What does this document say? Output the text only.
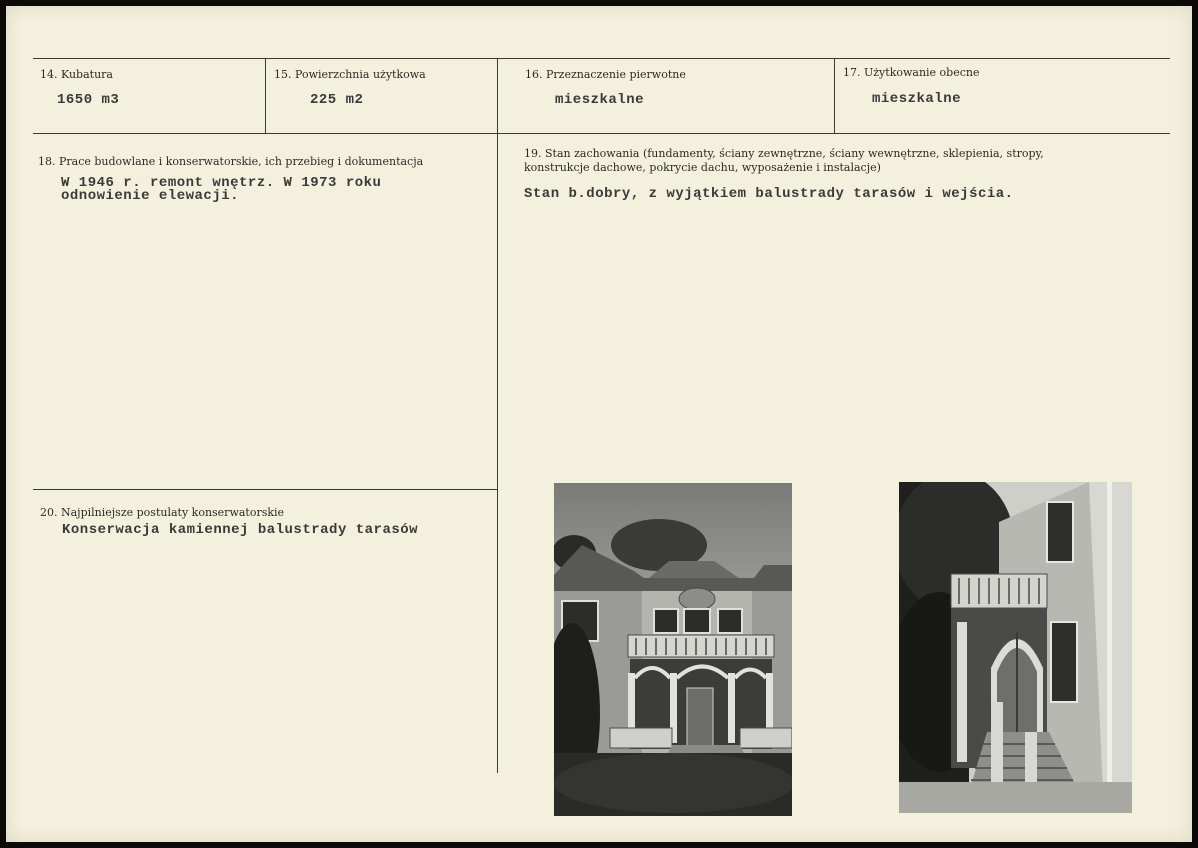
14. Kubatura
1650 m3
15. Powierzchnia użytkowa
225 m2
16. Przeznaczenie pierwotne
mieszkalne
17. Użytkowanie obecne
mieszkalne
18. Prace budowlane i konserwatorskie, ich przebieg i dokumentacja
W 1946 r. remont wnętrz. W 1973 roku
odnowienie elewacji.
19. Stan zachowania (fundamenty, ściany zewnętrzne, ściany wewnętrzne, sklepienia, stropy,
konstrukcje dachowe, pokrycie dachu, wyposażenie i instalacje)
Stan b.dobry, z wyjątkiem balustrady tarasów i wejścia.
20. Najpilniejsze postulaty konserwatorskie
Konserwacja kamiennej balustrady tarasów
